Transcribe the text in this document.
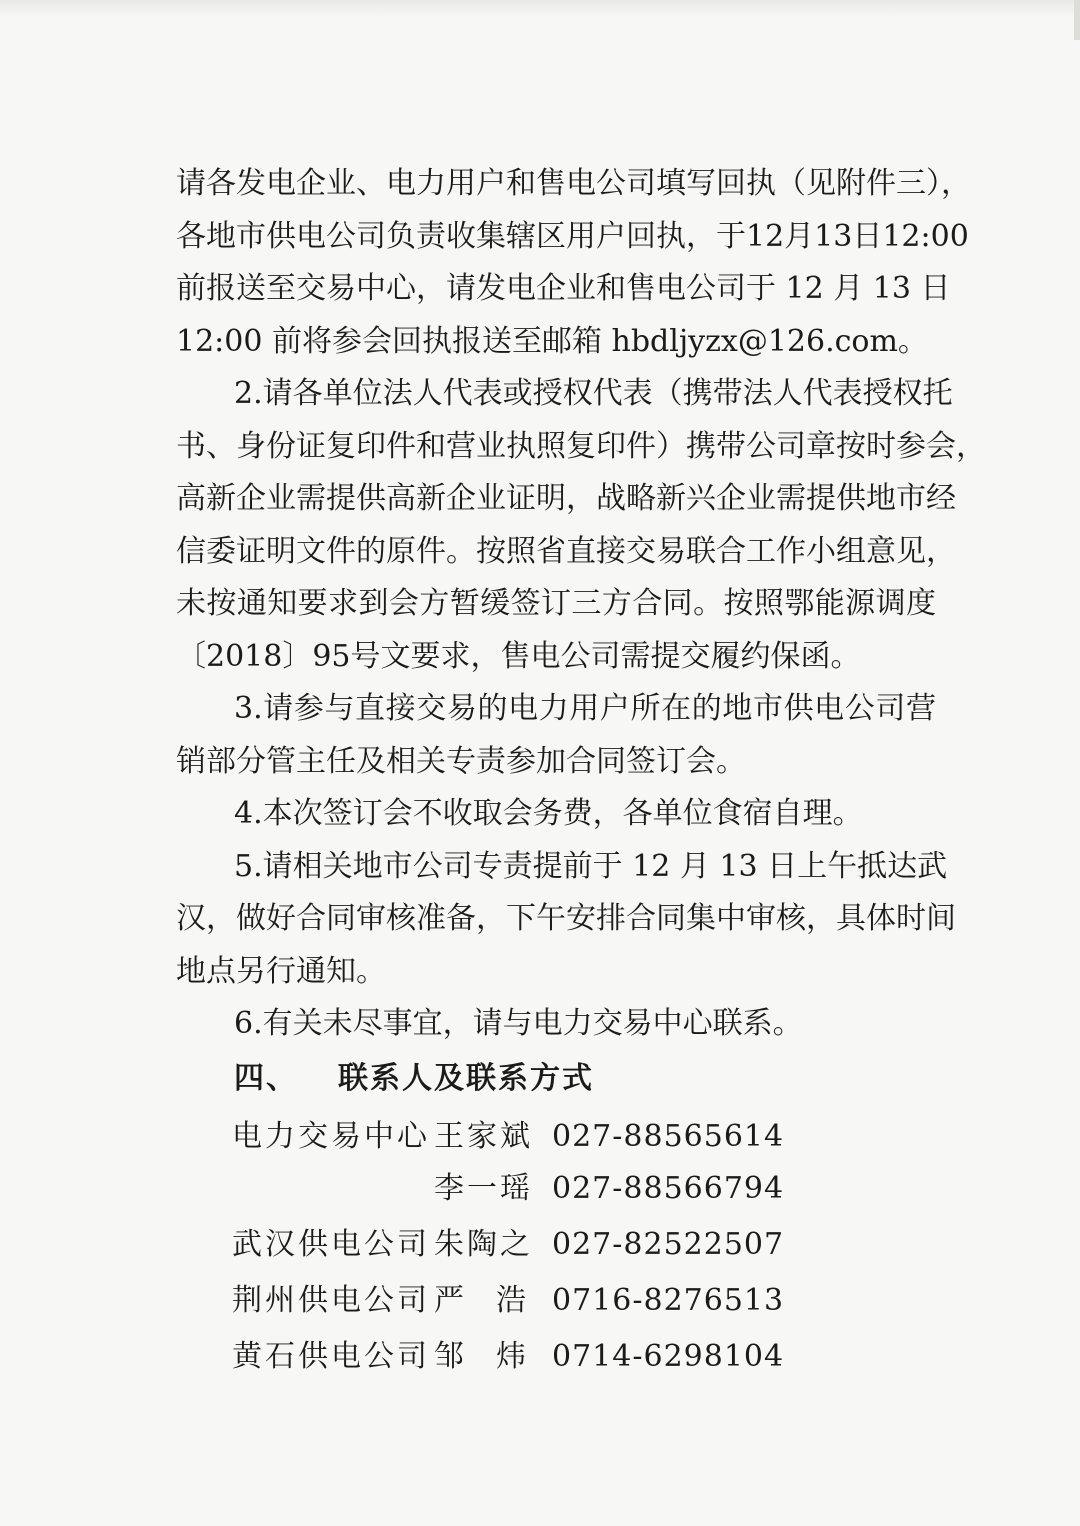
请各发电企业、电力用户和售电公司填写回执（见附件三），
各地市供电公司负责收集辖区用户回执，于12月13日12:00
前报送至交易中心，请发电企业和售电公司于 12 月 13 日
12:00 前将参会回执报送至邮箱 hbdljyzx@126.com。
2.请各单位法人代表或授权代表（携带法人代表授权托
书、身份证复印件和营业执照复印件）携带公司章按时参会，
高新企业需提供高新企业证明，战略新兴企业需提供地市经
信委证明文件的原件。按照省直接交易联合工作小组意见，
未按通知要求到会方暂缓签订三方合同。按照鄂能源调度
〔2018〕95号文要求，售电公司需提交履约保函。
3.请参与直接交易的电力用户所在的地市供电公司营
销部分管主任及相关专责参加合同签订会。
4.本次签订会不收取会务费，各单位食宿自理。
5.请相关地市公司专责提前于 12 月 13 日上午抵达武
汉，做好合同审核准备，下午安排合同集中审核，具体时间
地点另行通知。
6.有关未尽事宜，请与电力交易中心联系。
四、 联系人及联系方式
电力交易中心 王家斌 027-88565614
李一瑶 027-88566794
武汉供电公司 朱陶之 027-82522507
荆州供电公司 严浩
0716-8276513
黄石供电公司 邹炜
0714-6298104
